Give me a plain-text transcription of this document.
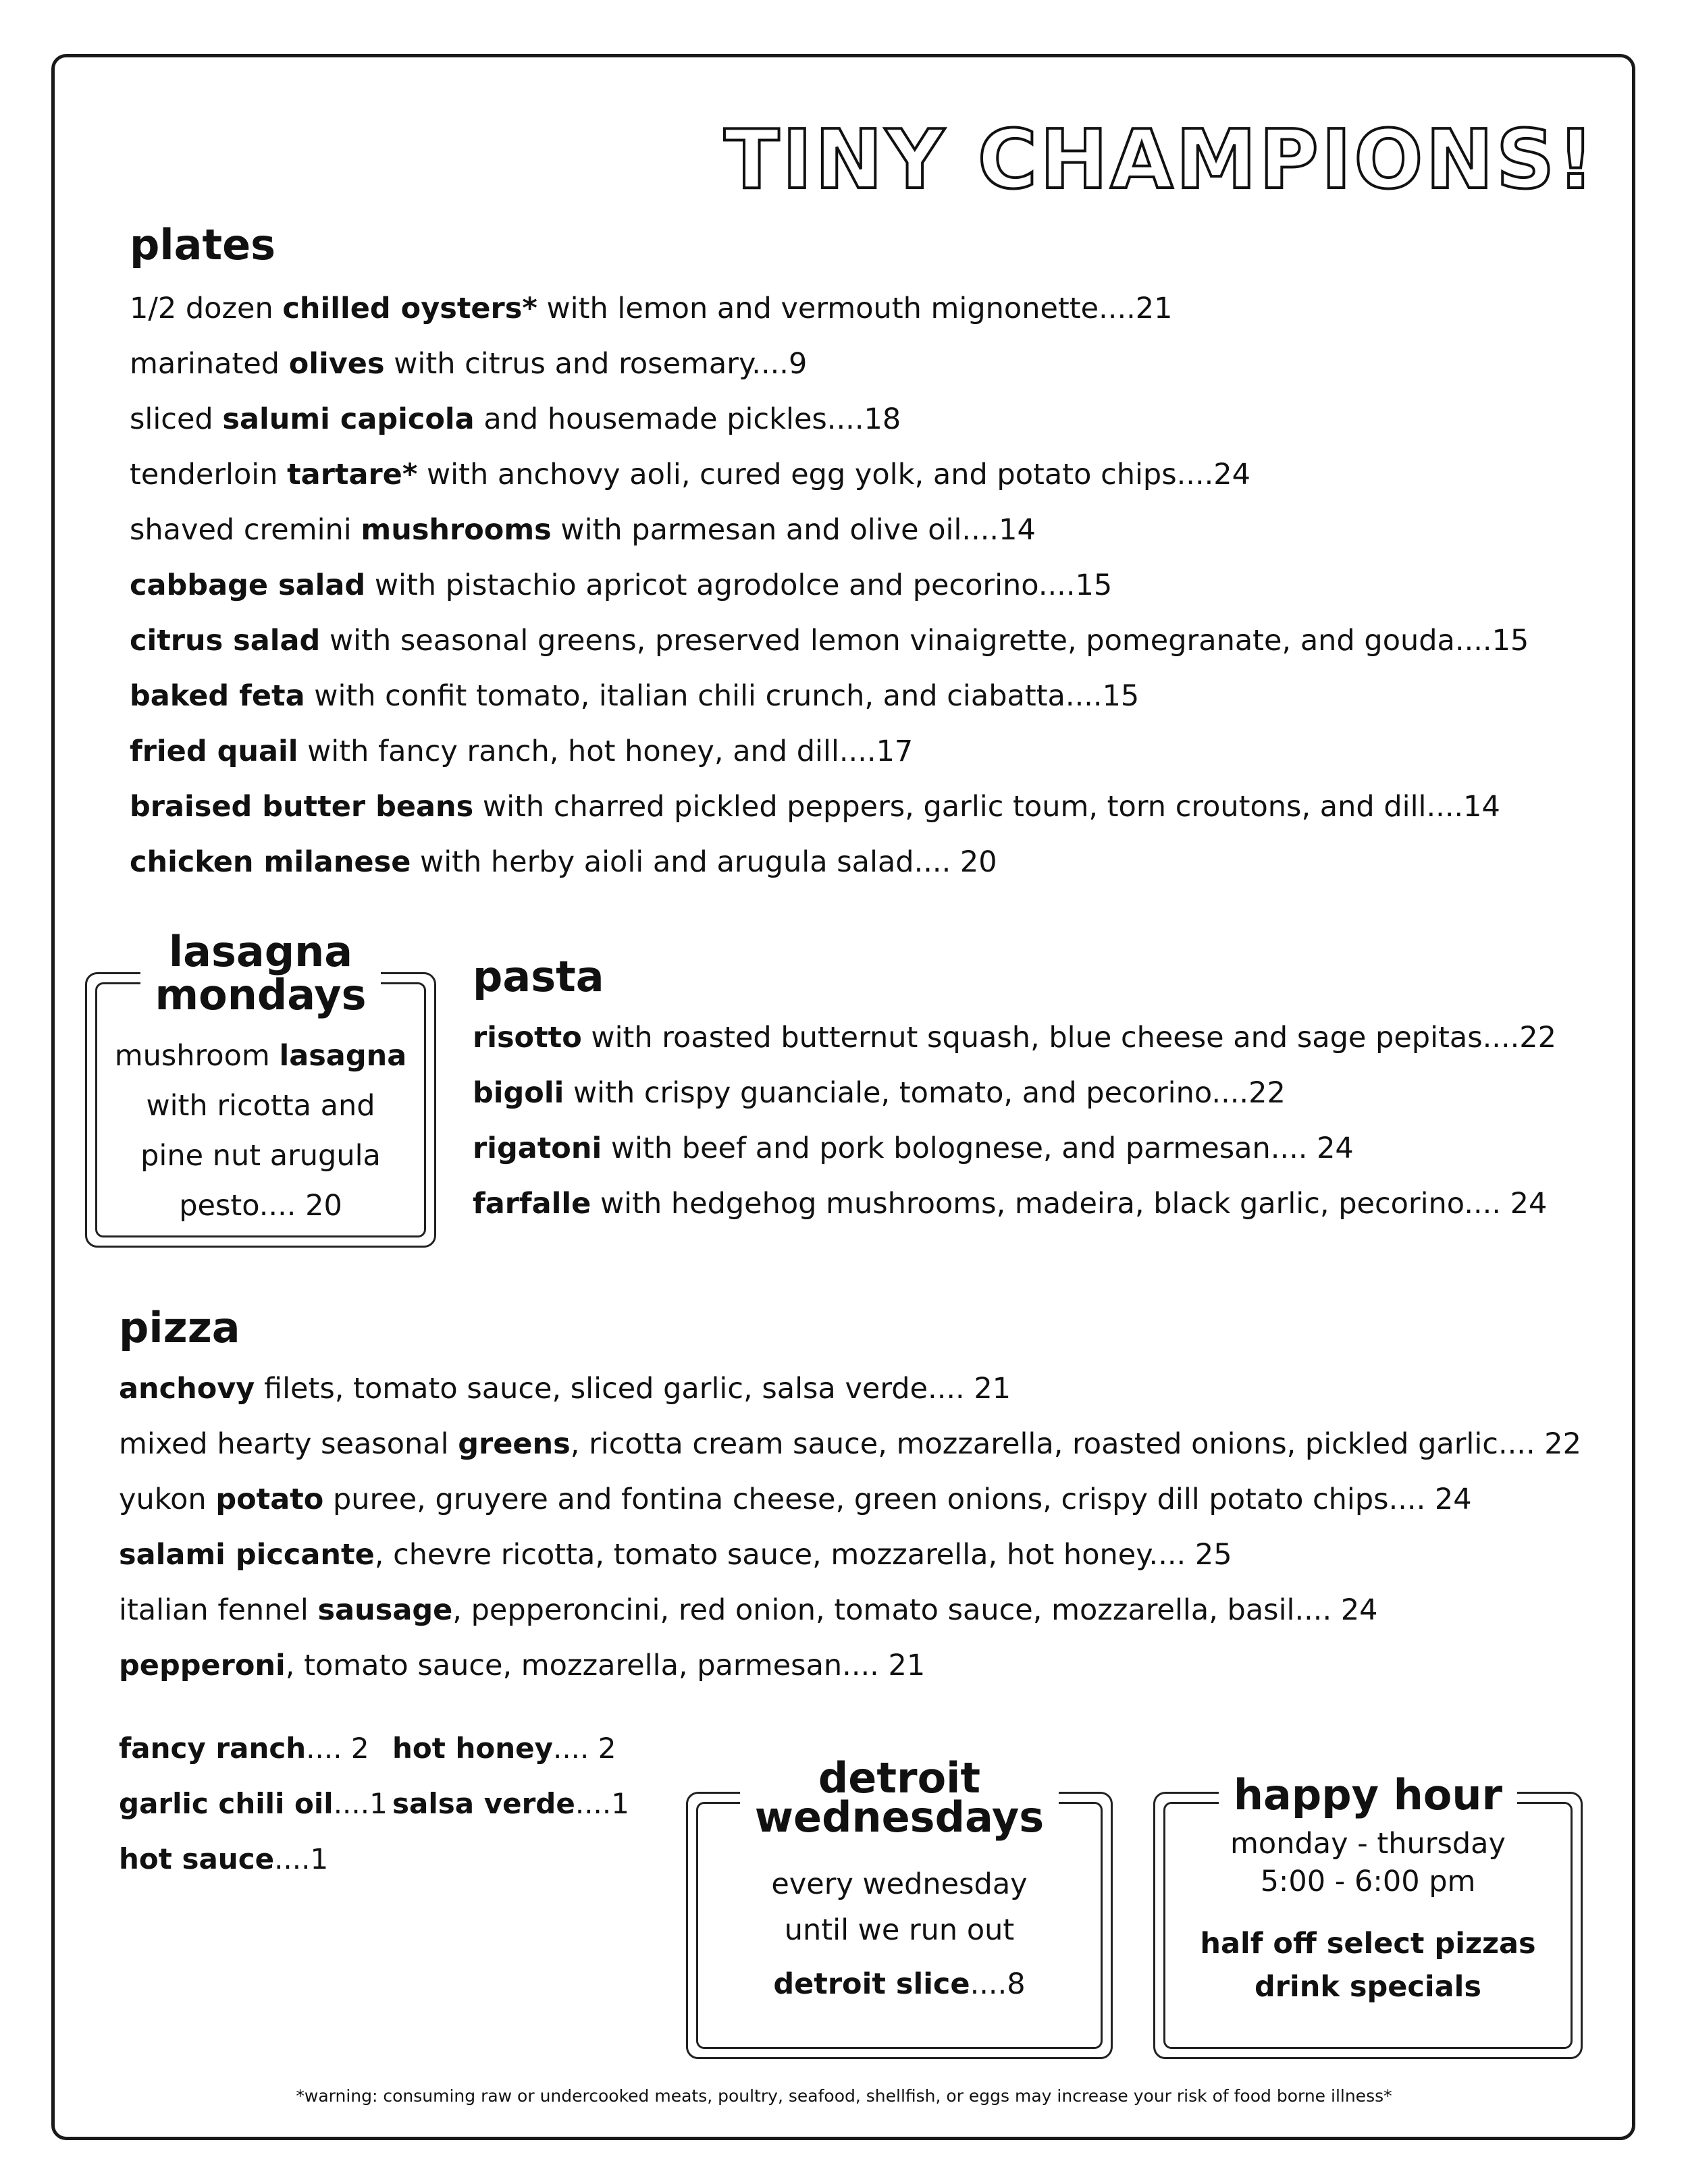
TINY CHAMPIONS!
plates
1/2 dozen chilled oysters* with lemon and vermouth mignonette....21
marinated olives with citrus and rosemary....9
sliced salumi capicola and housemade pickles....18
tenderloin tartare* with anchovy aoli, cured egg yolk, and potato chips....24
shaved cremini mushrooms with parmesan and olive oil....14
cabbage salad with pistachio apricot agrodolce and pecorino....15
citrus salad with seasonal greens, preserved lemon vinaigrette, pomegranate, and gouda....15
baked feta with confit tomato, italian chili crunch, and ciabatta....15
fried quail with fancy ranch, hot honey, and dill....17
braised butter beans with charred pickled peppers, garlic toum, torn croutons, and dill....14
chicken milanese with herby aioli and arugula salad.... 20
lasagna
mondays
mushroom lasagna
with ricotta and
pine nut arugula
pesto.... 20
pasta
risotto with roasted butternut squash, blue cheese and sage pepitas....22
bigoli with crispy guanciale, tomato, and pecorino....22
rigatoni with beef and pork bolognese, and parmesan.... 24
farfalle with hedgehog mushrooms, madeira, black garlic, pecorino.... 24
pizza
anchovy filets, tomato sauce, sliced garlic, salsa verde.... 21
mixed hearty seasonal greens, ricotta cream sauce, mozzarella, roasted onions, pickled garlic.... 22
yukon potato puree, gruyere and fontina cheese, green onions, crispy dill potato chips.... 24
salami piccante, chevre ricotta, tomato sauce, mozzarella, hot honey.... 25
italian fennel sausage, pepperoncini, red onion, tomato sauce, mozzarella, basil.... 24
pepperoni, tomato sauce, mozzarella, parmesan.... 21
fancy ranch.... 2 hot honey.... 2
garlic chili oil....1 salsa verde....1
hot sauce....1
detroit
wednesdays
every wednesday
until we run out
detroit slice....8
happy hour
monday - thursday
5:00 - 6:00 pm
half off select pizzas
drink specials
*warning: consuming raw or undercooked meats, poultry, seafood, shellfish, or eggs may increase your risk of food borne illness*
